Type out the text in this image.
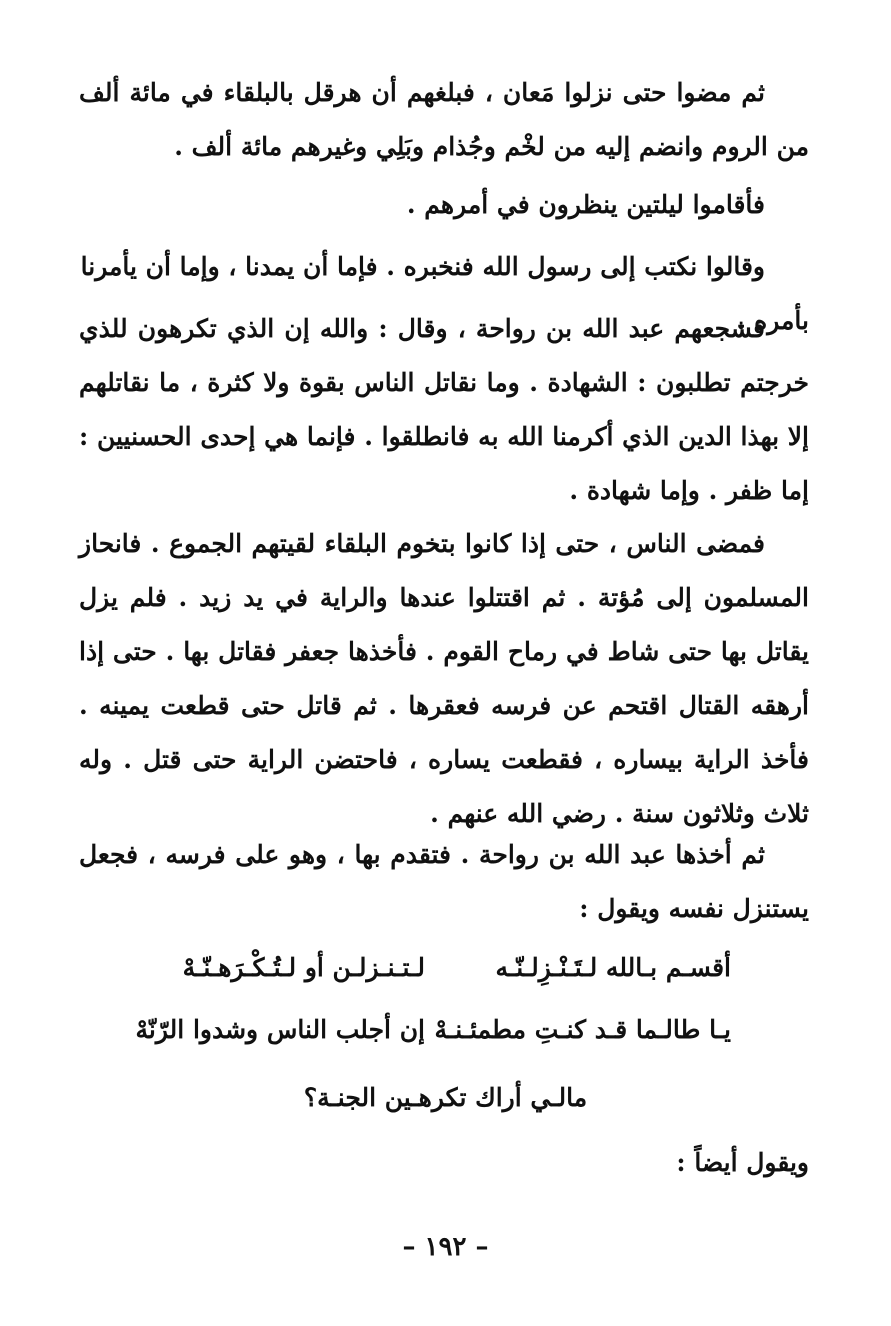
ثم مضوا حتى نزلوا مَعان ، فبلغهم أن هرقل بالبلقاء في مائة ألف من الروم وانضم إليه من لخْم وجُذام وبَلِي وغيرهم مائة ألف .

فأقاموا ليلتين ينظرون في أمرهم .

وقالوا نكتب إلى رسول الله فنخبره . فإما أن يمدنا ، وإما أن يأمرنا بأمره .

فشجعهم عبد الله بن رواحة ، وقال : والله إن الذي تكرهون للذي خرجتم تطلبون : الشهادة . وما نقاتل الناس بقوة ولا كثرة ، ما نقاتلهم إلا بهذا الدين الذي أكرمنا الله به فانطلقوا . فإنما هي إحدى الحسنيين : إما ظفر . وإما شهادة .

فمضى الناس ، حتى إذا كانوا بتخوم البلقاء لقيتهم الجموع . فانحاز المسلمون إلى مُؤتة . ثم اقتتلوا عندها والراية في يد زيد . فلم يزل يقاتل بها حتى شاط في رماح القوم . فأخذها جعفر فقاتل بها . حتى إذا أرهقه القتال اقتحم عن فرسه فعقرها . ثم قاتل حتى قطعت يمينه . فأخذ الراية بيساره ، فقطعت يساره ، فاحتضن الراية حتى قتل . وله ثلاث وثلاثون سنة . رضي الله عنهم .

ثم أخذها عبد الله بن رواحة . فتقدم بها ، وهو على فرسه ، فجعل يستنزل نفسه ويقول :

أقسـم بـالله لـتَـنْـزِلـنّـه
لـتـنـزلـن أو لـتُـكْـرَهـنّـهْ
يـا طالـما قـد كنـتِ مطمئـنـهْ
إن أجلب الناس وشدوا الرّنّهْ
مالـي أراك تكرهـين الجنـة؟

ويقول أيضاً :

– ١٩٢ –
